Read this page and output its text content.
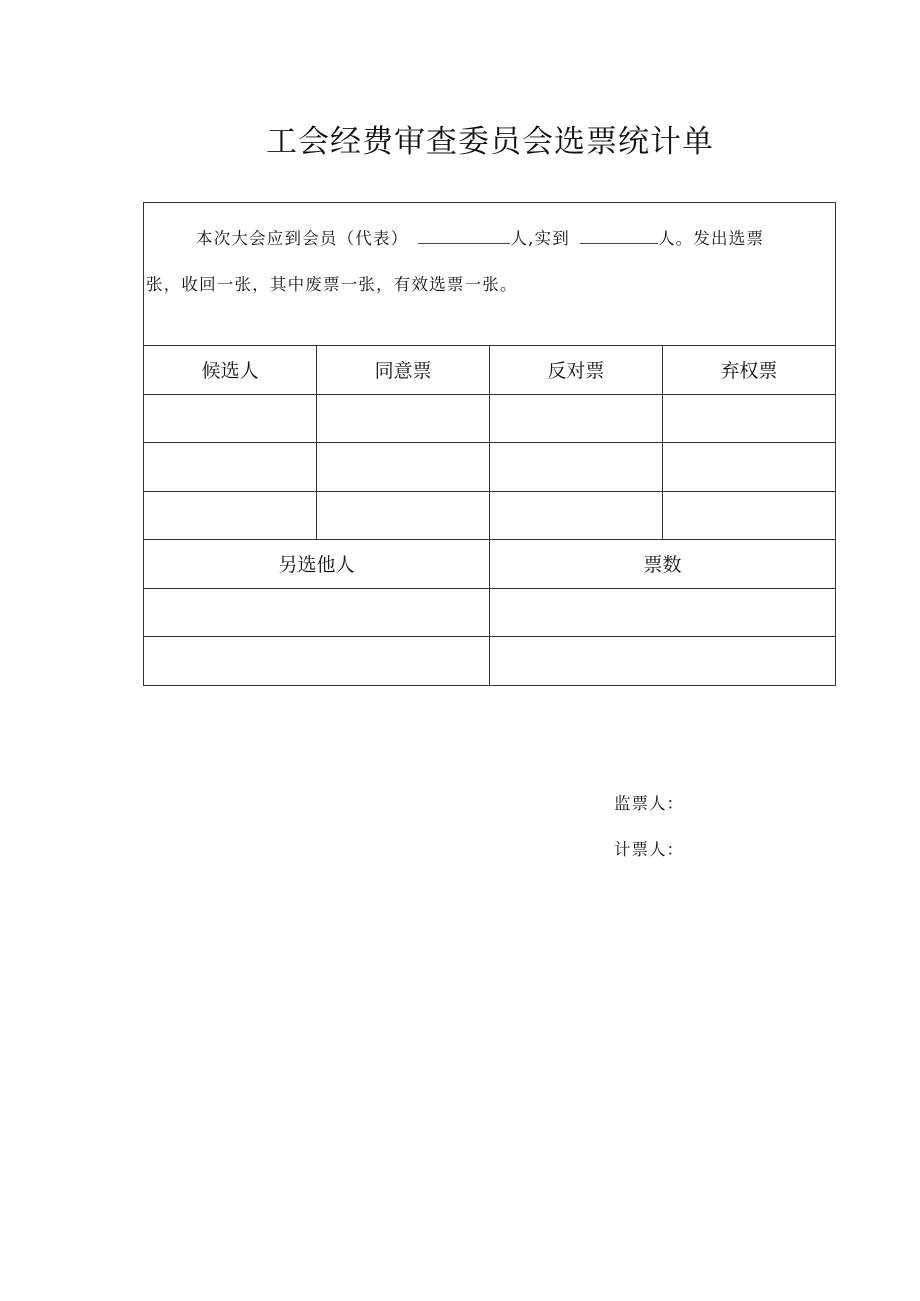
工会经费审查委员会选票统计单
本次大会应到会员（代表）	人,实到	人。发出选票
张，收回一张，其中废票一张，有效选票一张。
候选人	同意票	反对票	弃权票

另选他人	票数

监票人：
计票人：
